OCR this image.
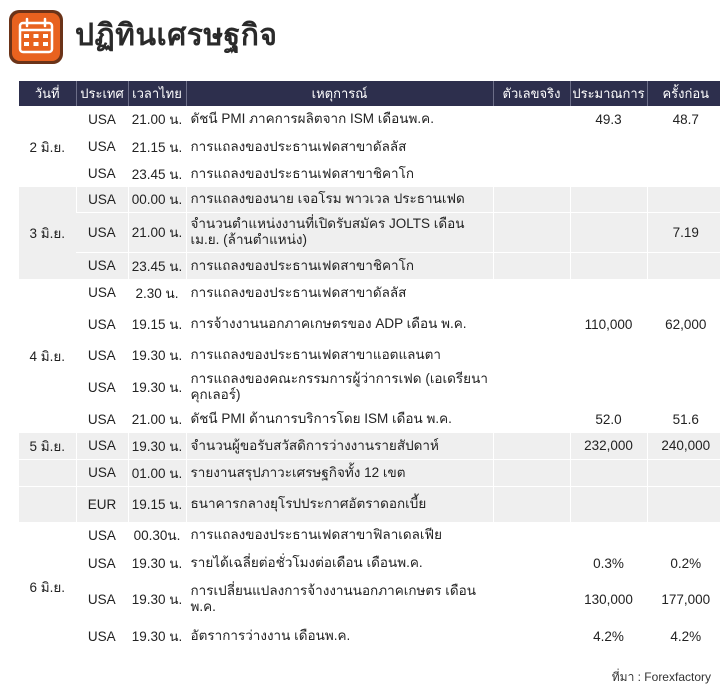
ปฏิทินเศรษฐกิจ
วันที่	ประเทศ	เวลาไทย	เหตุการณ์	ตัวเลขจริง	ประมาณการ	ครั้งก่อน
2 มิ.ย.	USA	21.00 น.	ดัชนี PMI ภาคการผลิตจาก ISM เดือนพ.ค.		49.3	48.7
	USA	21.15 น.	การแถลงของประธานเฟดสาขาดัลลัส			
	USA	23.45 น.	การแถลงของประธานเฟดสาขาชิคาโก			
3 มิ.ย.	USA	00.00 น.	การแถลงของนาย เจอโรม พาวเวล ประธานเฟด			
	USA	21.00 น.	จำนวนตำแหน่งงานที่เปิดรับสมัคร JOLTS เดือน เม.ย. (ล้านตำแหน่ง)			7.19
	USA	23.45 น.	การแถลงของประธานเฟดสาขาชิคาโก			
4 มิ.ย.	USA	2.30 น.	การแถลงของประธานเฟดสาขาดัลลัส			
	USA	19.15 น.	การจ้างงานนอกภาคเกษตรของ ADP เดือน พ.ค.		110,000	62,000
	USA	19.30 น.	การแถลงของประธานเฟดสาขาแอตแลนตา			
	USA	19.30 น.	การแถลงของคณะกรรมการผู้ว่าการเฟด (เอเดรียนา คุกเลอร์)			
	USA	21.00 น.	ดัชนี PMI ด้านการบริการโดย ISM เดือน พ.ค.		52.0	51.6
5 มิ.ย.	USA	19.30 น.	จำนวนผู้ขอรับสวัสดิการว่างงานรายสัปดาห์		232,000	240,000
	USA	01.00 น.	รายงานสรุปภาวะเศรษฐกิจทั้ง 12 เขต			
	EUR	19.15 น.	ธนาคารกลางยุโรปประกาศอัตราดอกเบี้ย			
6 มิ.ย.	USA	00.30น.	การแถลงของประธานเฟดสาขาฟิลาเดลเฟีย			
	USA	19.30 น.	รายได้เฉลี่ยต่อชั่วโมงต่อเดือน เดือนพ.ค.		0.3%	0.2%
	USA	19.30 น.	การเปลี่ยนแปลงการจ้างงานนอกภาคเกษตร เดือนพ.ค.		130,000	177,000
	USA	19.30 น.	อัตราการว่างงาน เดือนพ.ค.		4.2%	4.2%
ที่มา : Forexfactory
